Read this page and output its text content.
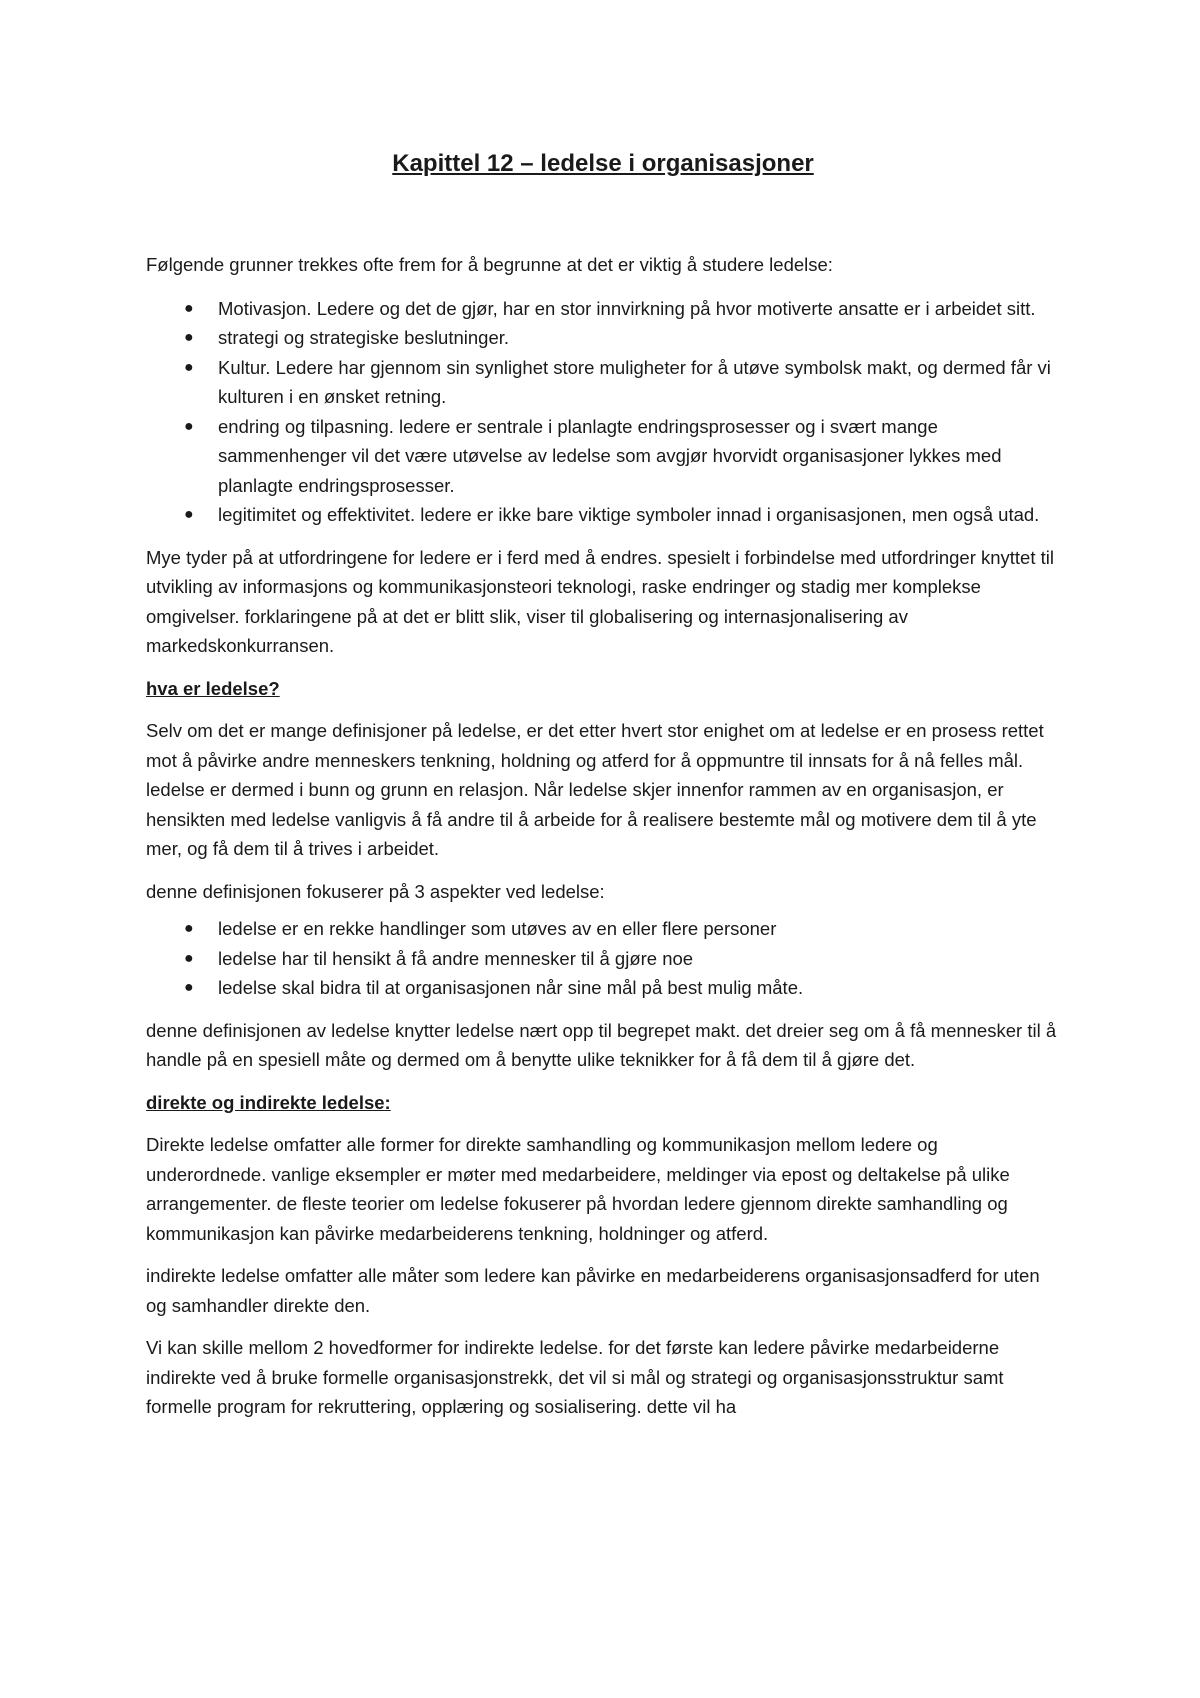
Kapittel 12 – ledelse i organisasjoner

Følgende grunner trekkes ofte frem for å begrunne at det er viktig å studere ledelse:

● Motivasjon. Ledere og det de gjør, har en stor innvirkning på hvor motiverte ansatte er i arbeidet sitt.
● strategi og strategiske beslutninger.
● Kultur. Ledere har gjennom sin synlighet store muligheter for å utøve symbolsk makt, og dermed får vi kulturen i en ønsket retning.
● endring og tilpasning. ledere er sentrale i planlagte endringsprosesser og i svært mange sammenhenger vil det være utøvelse av ledelse som avgjør hvorvidt organisasjoner lykkes med planlagte endringsprosesser.
● legitimitet og effektivitet. ledere er ikke bare viktige symboler innad i organisasjonen, men også utad.

Mye tyder på at utfordringene for ledere er i ferd med å endres. spesielt i forbindelse med utfordringer knyttet til utvikling av informasjons og kommunikasjonsteori teknologi, raske endringer og stadig mer komplekse omgivelser. forklaringene på at det er blitt slik, viser til globalisering og internasjonalisering av markedskonkurransen.

hva er ledelse?

Selv om det er mange definisjoner på ledelse, er det etter hvert stor enighet om at ledelse er en prosess rettet mot å påvirke andre menneskers tenkning, holdning og atferd for å oppmuntre til innsats for å nå felles mål. ledelse er dermed i bunn og grunn en relasjon. Når ledelse skjer innenfor rammen av en organisasjon, er hensikten med ledelse vanligvis å få andre til å arbeide for å realisere bestemte mål og motivere dem til å yte mer, og få dem til å trives i arbeidet.

denne definisjonen fokuserer på 3 aspekter ved ledelse:

● ledelse er en rekke handlinger som utøves av en eller flere personer
● ledelse har til hensikt å få andre mennesker til å gjøre noe
● ledelse skal bidra til at organisasjonen når sine mål på best mulig måte.

denne definisjonen av ledelse knytter ledelse nært opp til begrepet makt. det dreier seg om å få mennesker til å handle på en spesiell måte og dermed om å benytte ulike teknikker for å få dem til å gjøre det.

direkte og indirekte ledelse:

Direkte ledelse omfatter alle former for direkte samhandling og kommunikasjon mellom ledere og underordnede. vanlige eksempler er møter med medarbeidere, meldinger via epost og deltakelse på ulike arrangementer. de fleste teorier om ledelse fokuserer på hvordan ledere gjennom direkte samhandling og kommunikasjon kan påvirke medarbeiderens tenkning, holdninger og atferd.

indirekte ledelse omfatter alle måter som ledere kan påvirke en medarbeiderens organisasjonsadferd for uten og samhandler direkte den.

Vi kan skille mellom 2 hovedformer for indirekte ledelse. for det første kan ledere påvirke medarbeiderne indirekte ved å bruke formelle organisasjonstrekk, det vil si mål og strategi og organisasjonsstruktur samt formelle program for rekruttering, opplæring og sosialisering. dette vil ha
